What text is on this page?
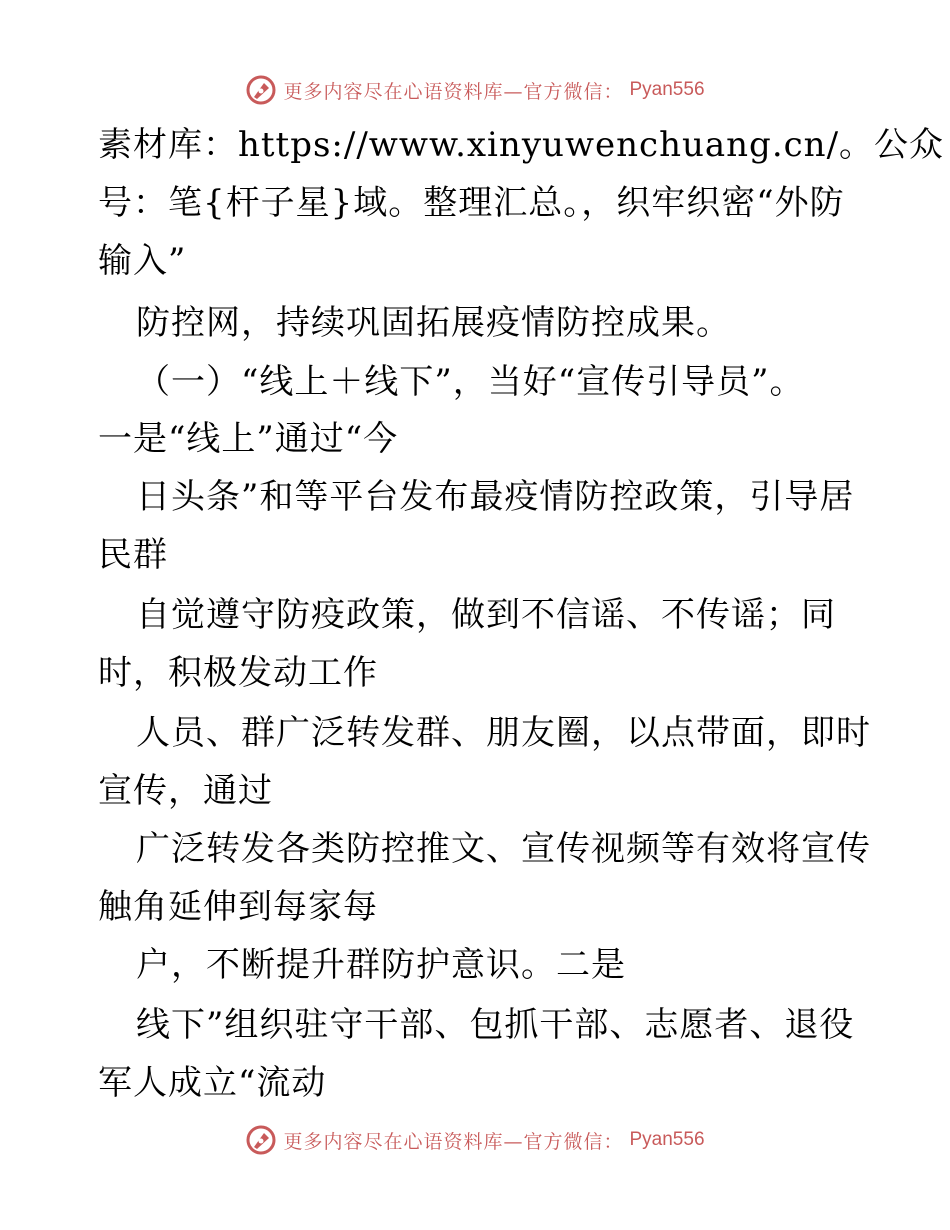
更多内容尽在心语资料库—官方微信： Pyan556
素材库：https://www.xinyuwenchuang.cn/。公众
号：笔{杆子星}域。整理汇总。，织牢织密“外防
输入”
防控网，持续巩固拓展疫情防控成果。
（一）“线上＋线下”，当好“宣传引导员”。
一是“线上”通过“今
日头条”和等平台发布最疫情防控政策，引导居
民群
自觉遵守防疫政策，做到不信谣、不传谣；同
时，积极发动工作
人员、群广泛转发群、朋友圈，以点带面，即时
宣传，通过
广泛转发各类防控推文、宣传视频等有效将宣传
触角延伸到每家每
户，不断提升群防护意识。二是
线下”组织驻守干部、包抓干部、志愿者、退役
军人成立“流动
更多内容尽在心语资料库—官方微信： Pyan556
